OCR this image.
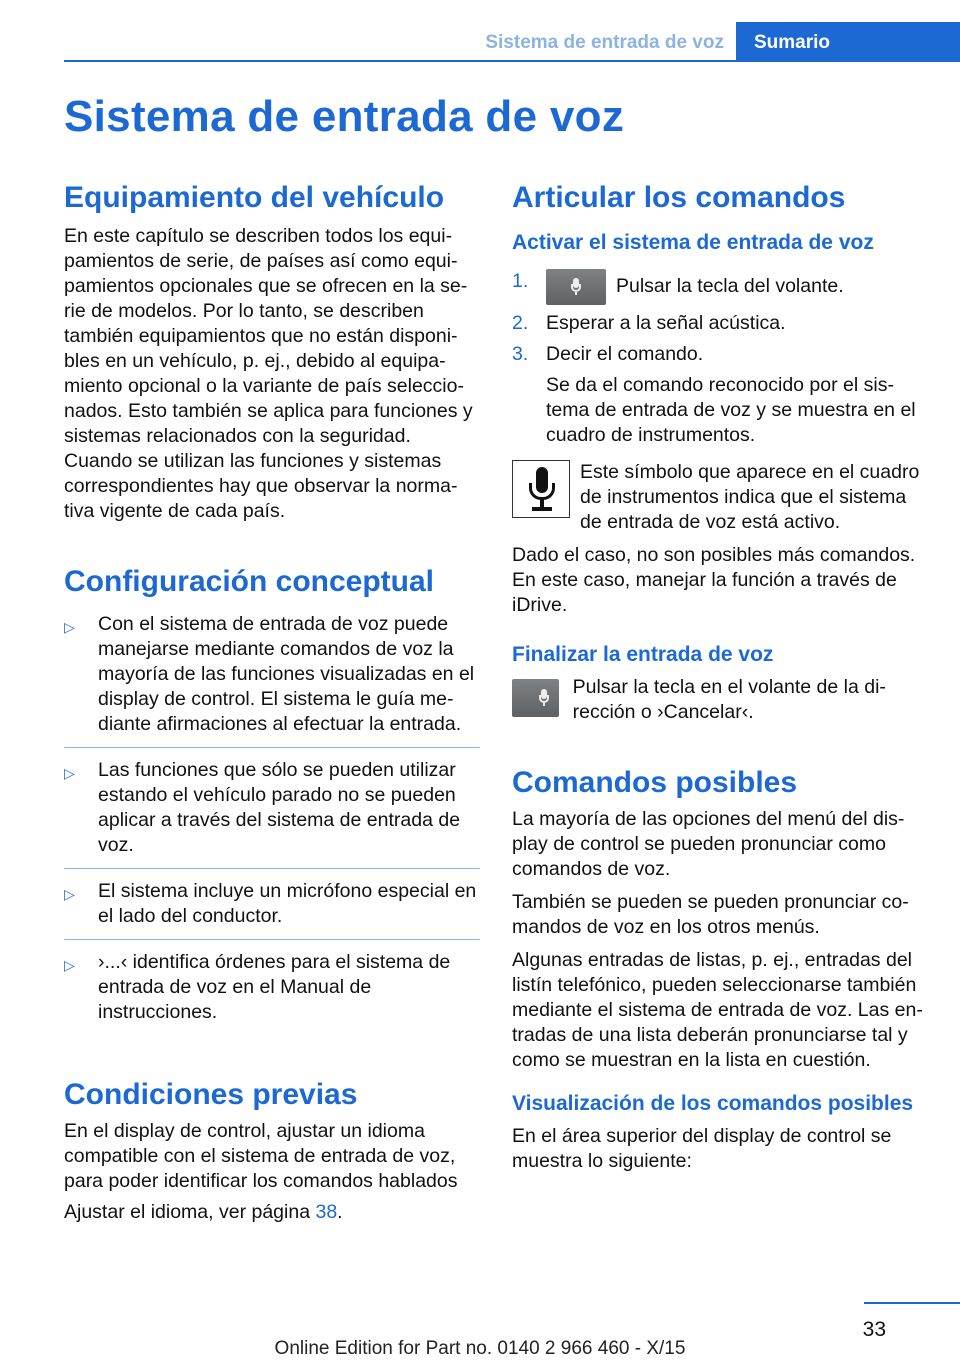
Sistema de entrada de voz	Sumario
Sistema de entrada de voz
Equipamiento del vehículo

En este capítulo se describen todos los equipamientos de serie, de países así como equipamientos opcionales que se ofrecen en la serie de modelos. Por lo tanto, se describen también equipamientos que no están disponibles en un vehículo, p. ej., debido al equipamiento opcional o la variante de país seleccionados. Esto también se aplica para funciones y sistemas relacionados con la seguridad.

Cuando se utilizan las funciones y sistemas correspondientes hay que observar la normativa vigente de cada país.

Configuración conceptual
▷ Con el sistema de entrada de voz puede manejarse mediante comandos de voz la mayoría de las funciones visualizadas en el display de control. El sistema le guía mediante afirmaciones al efectuar la entrada.
▷ Las funciones que sólo se pueden utilizar estando el vehículo parado no se pueden aplicar a través del sistema de entrada de voz.
▷ El sistema incluye un micrófono especial en el lado del conductor.
▷ ›...‹ identifica órdenes para el sistema de entrada de voz en el Manual de instrucciones.
Condiciones previas

En el display de control, ajustar un idioma compatible con el sistema de entrada de voz, para poder identificar los comandos hablados

Ajustar el idioma, ver página 38.

Articular los comandos
Activar el sistema de entrada de voz
1.	Pulsar la tecla del volante.
2. Esperar a la señal acústica.
3. Decir el comando.

Se da el comando reconocido por el sistema de entrada de voz y se muestra en el cuadro de instrumentos.

Este símbolo que aparece en el cuadro de instrumentos indica que el sistema de entrada de voz está activo.

Dado el caso, no son posibles más comandos. En este caso, manejar la función a través de iDrive.

Finalizar la entrada de voz

Pulsar la tecla en el volante de la dirección o ›Cancelar‹.

Comandos posibles

La mayoría de las opciones del menú del display de control se pueden pronunciar como comandos de voz.

También se pueden se pueden pronunciar comandos de voz en los otros menús.

Algunas entradas de listas, p. ej., entradas del listín telefónico, pueden seleccionarse también mediante el sistema de entrada de voz. Las entradas de una lista deberán pronunciarse tal y como se muestran en la lista en cuestión.

Visualización de los comandos posibles

En el área superior del display de control se muestra lo siguiente:

33
Online Edition for Part no. 0140 2 966 460 - X/15
